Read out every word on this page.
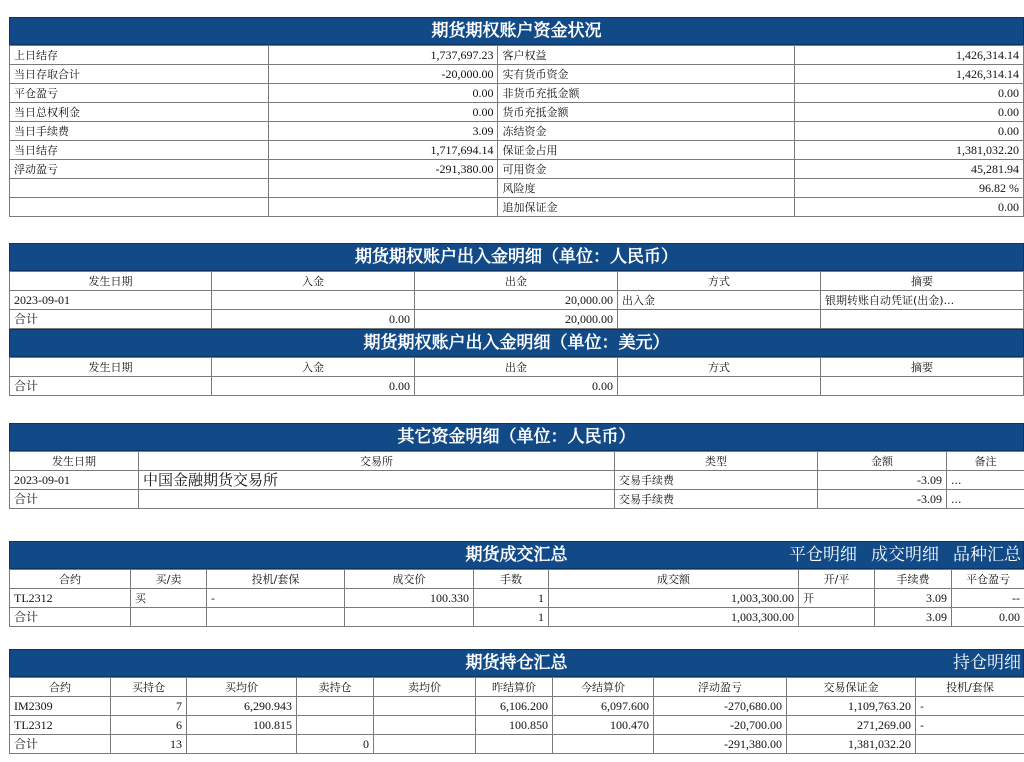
期货期权账户资金状况
上日结存	1,737,697.23	客户权益	1,426,314.14
当日存取合计	-20,000.00	实有货币资金	1,426,314.14
平仓盈亏	0.00	非货币充抵金额	0.00
当日总权利金	0.00	货币充抵金额	0.00
当日手续费	3.09	冻结资金	0.00
当日结存	1,717,694.14	保证金占用	1,381,032.20
浮动盈亏	-291,380.00	可用资金	45,281.94
		风险度	96.82 %
		追加保证金	0.00
期货期权账户出入金明细（单位：人民币）
发生日期	入金	出金	方式	摘要
2023-09-01		20,000.00	出入金	银期转账自动凭证(出金)...
合计	0.00	20,000.00		
期货期权账户出入金明细（单位：美元）
发生日期	入金	出金	方式	摘要
合计	0.00	0.00		
其它资金明细（单位：人民币）
发生日期	交易所	类型	金额	备注
2023-09-01	中国金融期货交易所	交易手续费	-3.09	...
合计		交易手续费	-3.09	...
期货成交汇总	平仓明细 成交明细 品种汇总
合约	买/卖	投机/套保	成交价	手数	成交额	开/平	手续费	平仓盈亏
TL2312	买	-	100.330	1	1,003,300.00	开	3.09	--
合计				1	1,003,300.00		3.09	0.00
期货持仓汇总	持仓明细
合约	买持仓	买均价	卖持仓	卖均价	昨结算价	今结算价	浮动盈亏	交易保证金	投机/套保
IM2309	7	6,290.943			6,106.200	6,097.600	-270,680.00	1,109,763.20	-
TL2312	6	100.815			100.850	100.470	-20,700.00	271,269.00	-
合计	13		0				-291,380.00	1,381,032.20	
